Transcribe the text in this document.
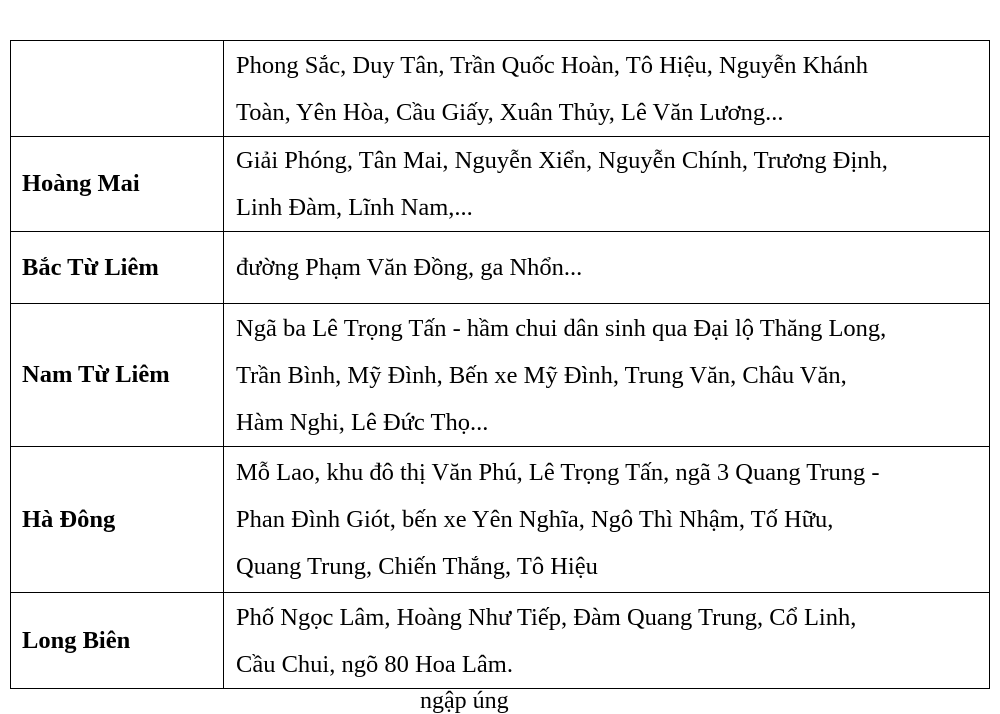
	Phong Sắc, Duy Tân, Trần Quốc Hoàn, Tô Hiệu, Nguyễn Khánh
Toàn, Yên Hòa, Cầu Giấy, Xuân Thủy, Lê Văn Lương...

Hoàng Mai	Giải Phóng, Tân Mai, Nguyễn Xiển, Nguyễn Chính, Trương Định,
Linh Đàm, Lĩnh Nam,...

Bắc Từ Liêm	đường Phạm Văn Đồng, ga Nhổn...

Nam Từ Liêm	Ngã ba Lê Trọng Tấn - hầm chui dân sinh qua Đại lộ Thăng Long,
Trần Bình, Mỹ Đình, Bến xe Mỹ Đình, Trung Văn, Châu Văn,
Hàm Nghi, Lê Đức Thọ...

Hà Đông	Mỗ Lao, khu đô thị Văn Phú, Lê Trọng Tấn, ngã 3 Quang Trung -
Phan Đình Giót, bến xe Yên Nghĩa, Ngô Thì Nhậm, Tố Hữu,
Quang Trung, Chiến Thắng, Tô Hiệu

Long Biên	Phố Ngọc Lâm, Hoàng Như Tiếp, Đàm Quang Trung, Cổ Linh,
Cầu Chui, ngõ 80 Hoa Lâm.
ngập úng
